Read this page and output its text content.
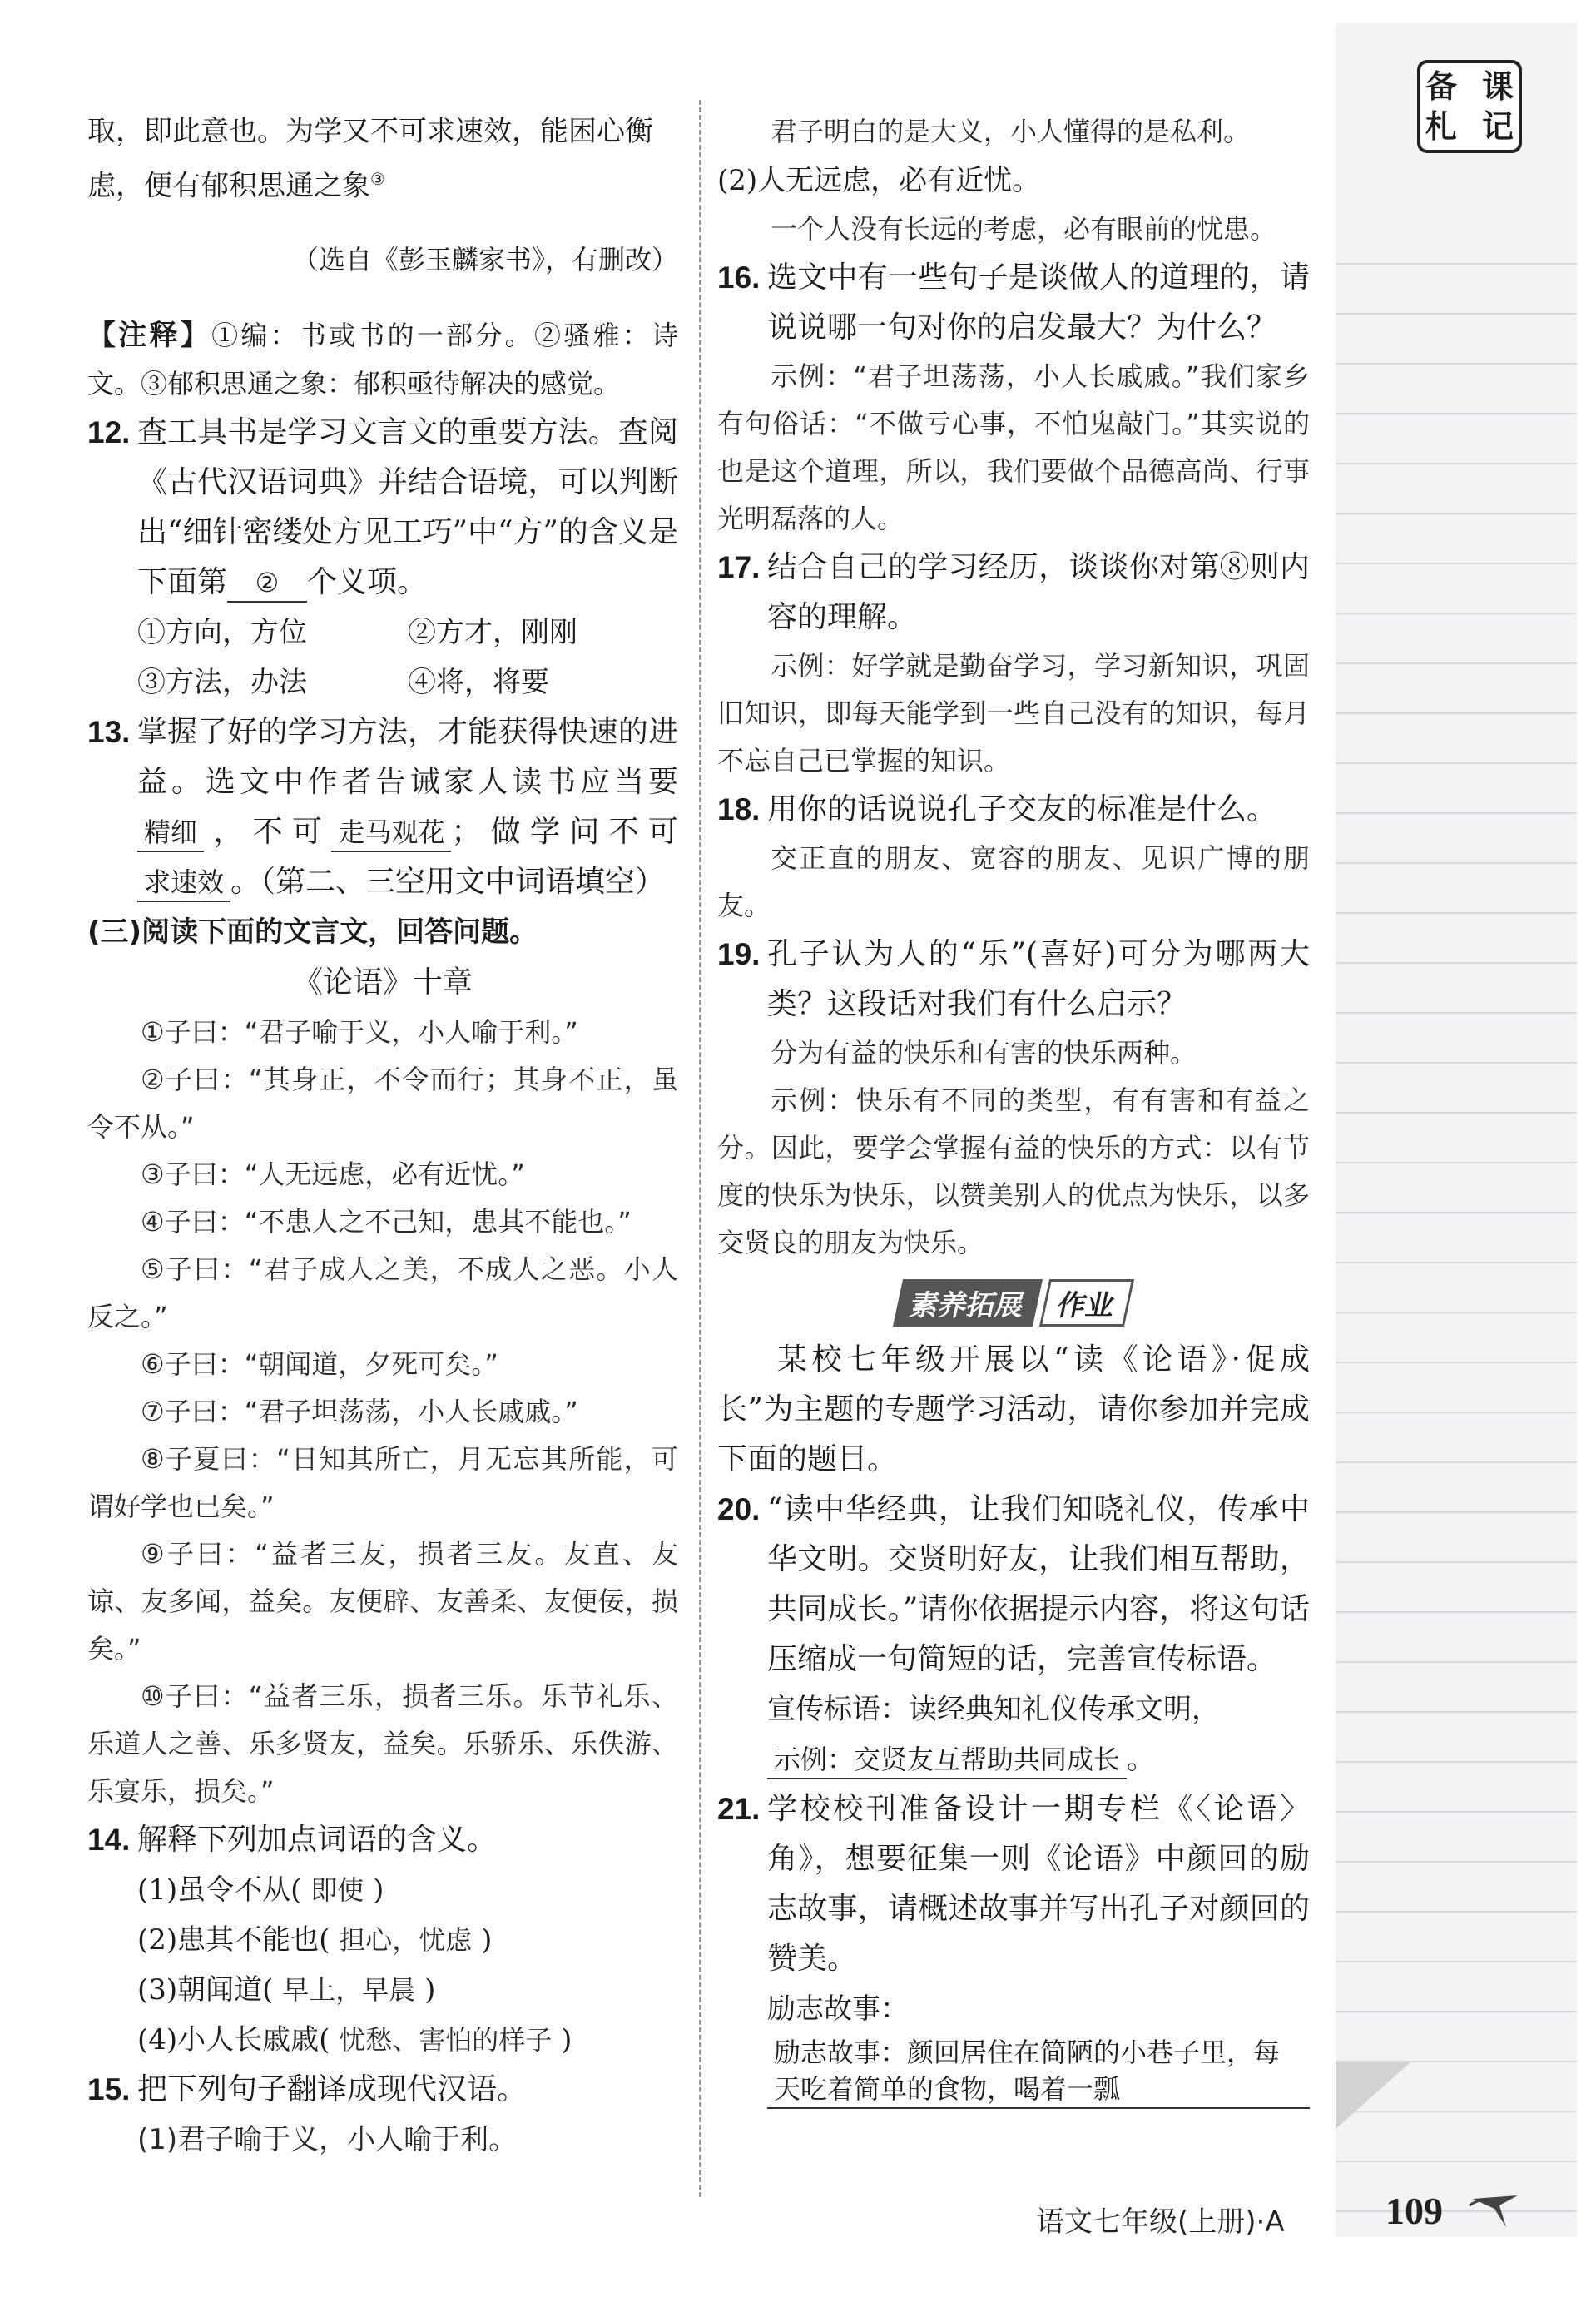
备 课
札 记

取，即此意也。为学又不可求速效，能困心衡

虑，便有郁积思通之象③

（选自《彭玉麟家书》，有删改）

【注释】①编：书或书的一部分。②骚雅：诗文。③郁积思通之象：郁积亟待解决的感觉。

12. 查工具书是学习文言文的重要方法。查阅《古代汉语词典》并结合语境，可以判断出“细针密缕处方见工巧”中“方”的含义是下面第 ② 个义项。
①方向，方位	②方才，刚刚
③方法，办法	④将，将要
13. 掌握了好的学习方法，才能获得快速的进益。选文中作者告诫家人读书应当要精细 ，不可 走马观花 ；做学问不可求速效 。（第二、三空用文中词语填空）
(三)阅读下面的文言文，回答问题。
《论语》十章

①子曰：“君子喻于义，小人喻于利。”

②子曰：“其身正，不令而行；其身不正，虽令不从。”

③子曰：“人无远虑，必有近忧。”

④子曰：“不患人之不己知，患其不能也。”

⑤子曰：“君子成人之美，不成人之恶。小人反之。”

⑥子曰：“朝闻道，夕死可矣。”

⑦子曰：“君子坦荡荡，小人长戚戚。”

⑧子夏曰：“日知其所亡，月无忘其所能，可谓好学也已矣。”

⑨子曰：“益者三友，损者三友。友直、友谅、友多闻，益矣。友便辟、友善柔、友便佞，损矣。”

⑩子曰：“益者三乐，损者三乐。乐节礼乐、乐道人之善、乐多贤友，益矣。乐骄乐、乐佚游、乐宴乐，损矣。”

14. 解释下列加点词语的含义。
(1)虽令不从( 即使 )
(2)患其不能也( 担心，忧虑 )
(3)朝闻道( 早上，早晨 )
(4)小人长戚戚( 忧愁、害怕的样子 )
15. 把下列句子翻译成现代汉语。
(1)君子喻于义，小人喻于利。

君子明白的是大义，小人懂得的是私利。

(2)人无远虑，必有近忧。

一个人没有长远的考虑，必有眼前的忧患。

16. 选文中有一些句子是谈做人的道理的，请说说哪一句对你的启发最大？为什么？

示例：“君子坦荡荡，小人长戚戚。”我们家乡有句俗话：“不做亏心事，不怕鬼敲门。”其实说的也是这个道理，所以，我们要做个品德高尚、行事光明磊落的人。

17. 结合自己的学习经历，谈谈你对第⑧则内容的理解。

示例：好学就是勤奋学习，学习新知识，巩固旧知识，即每天能学到一些自己没有的知识，每月不忘自己已掌握的知识。

18. 用你的话说说孔子交友的标准是什么。

交正直的朋友、宽容的朋友、见识广博的朋友。

19. 孔子认为人的“乐”(喜好)可分为哪两大类？这段话对我们有什么启示？

分为有益的快乐和有害的快乐两种。

示例：快乐有不同的类型，有有害和有益之分。因此，要学会掌握有益的快乐的方式：以有节度的快乐为快乐，以赞美别人的优点为快乐，以多交贤良的朋友为快乐。

素养拓展 作业

某校七年级开展以“读《论语》·促成长”为主题的专题学习活动，请你参加并完成下面的题目。

20. “读中华经典，让我们知晓礼仪，传承中华文明。交贤明好友，让我们相互帮助，共同成长。”请你依据提示内容，将这句话压缩成一句简短的话，完善宣传标语。
宣传标语：读经典知礼仪传承文明，示例：交贤友互帮助共同成长 。
21. 学校校刊准备设计一期专栏《〈论语〉角》，想要征集一则《论语》中颜回的励志故事，请概述故事并写出孔子对颜回的赞美。
励志故事：励志故事：颜回居住在简陋的小巷子里，每天吃着简单的食物，喝着一瓢
语文七年级(上册)·A	109
